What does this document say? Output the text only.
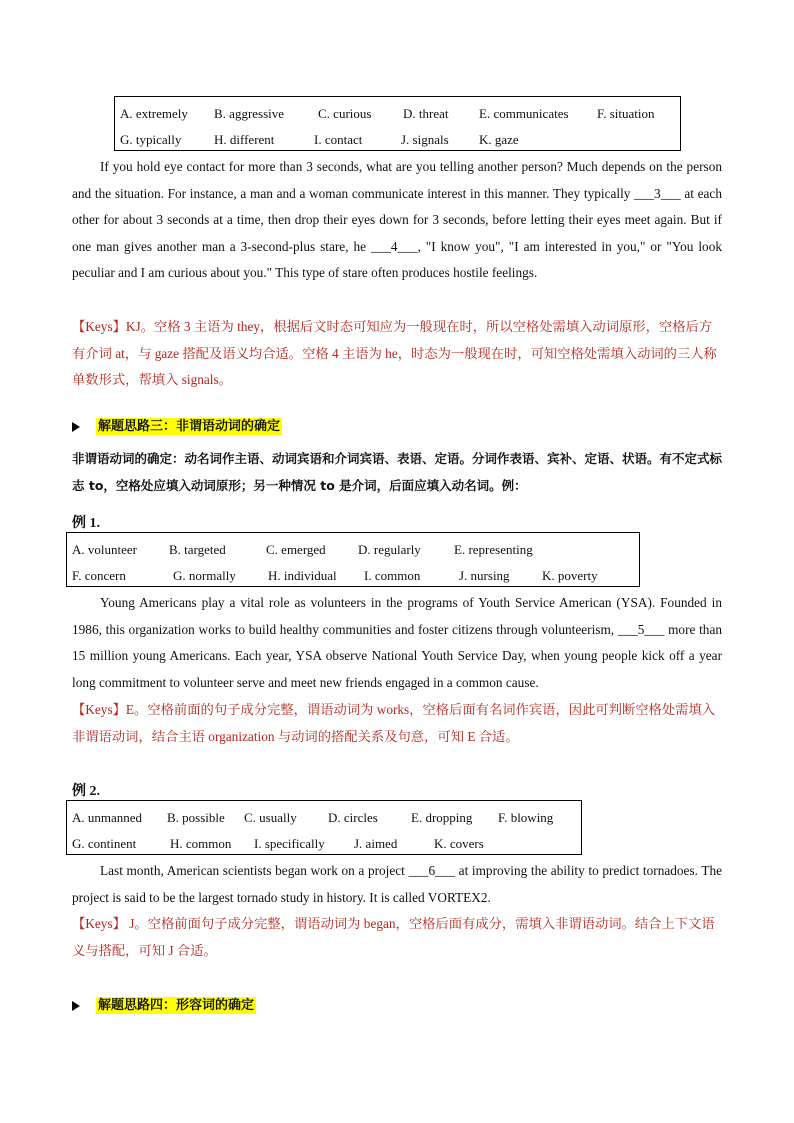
A. extremely B. aggressive	C. curious D. threat E. communicates F. situation
G. typically	H. different	I. contact	J. signals K. gaze

If you hold eye contact for more than 3 seconds, what are you telling another person? Much depends on the person and the situation. For instance, a man and a woman communicate interest in this manner. They typically ___3___ at each other for about 3 seconds at a time, then drop their eyes down for 3 seconds, before letting their eyes meet again. But if one man gives another man a 3-second-plus stare, he ___4___, "I know you", "I am interested in you," or "You look peculiar and I am curious about you." This type of stare often produces hostile feelings.

【Keys】KJ。空格 3 主语为 they，根据后文时态可知应为一般现在时，所以空格处需填入动词原形，空格后方有介词 at，与 gaze 搭配及语义均合适。空格 4 主语为 he，时态为一般现在时，可知空格处需填入动词的三人称单数形式，帮填入 signals。

解题思路三：非谓语动词的确定

非谓语动词的确定：动名词作主语、动词宾语和介词宾语、表语、定语。分词作表语、宾补、定语、状语。有不定式标志 to，空格处应填入动词原形；另一种情况 to 是介词，后面应填入动名词。例：

例 1.
A. volunteer B. targeted	C. emerged D. regularly	E. representing
F. concern	G. normally H. individual I. common	J. nursing K. poverty

Young Americans play a vital role as volunteers in the programs of Youth Service American (YSA). Founded in 1986, this organization works to build healthy communities and foster citizens through volunteerism, ___5___ more than 15 million young Americans. Each year, YSA observe National Youth Service Day, when young people kick off a year long commitment to volunteer serve and meet new friends engaged in a common cause.

【Keys】E。空格前面的句子成分完整，谓语动词为 works，空格后面有名词作宾语，因此可判断空格处需填入非谓语动词，结合主语 organization 与动词的搭配关系及句意，可知 E 合适。

例 2.
A. unmanned B. possible C. usually D. circles	E. dropping F. blowing
G. continent	H. common I. specifically J. aimed	K. covers

Last month, American scientists began work on a project ___6___ at improving the ability to predict tornadoes. The project is said to be the largest tornado study in history. It is called VORTEX2.

【Keys】 J。空格前面句子成分完整，谓语动词为 began，空格后面有成分，需填入非谓语动词。结合上下文语义与搭配，可知 J 合适。

解题思路四：形容词的确定
